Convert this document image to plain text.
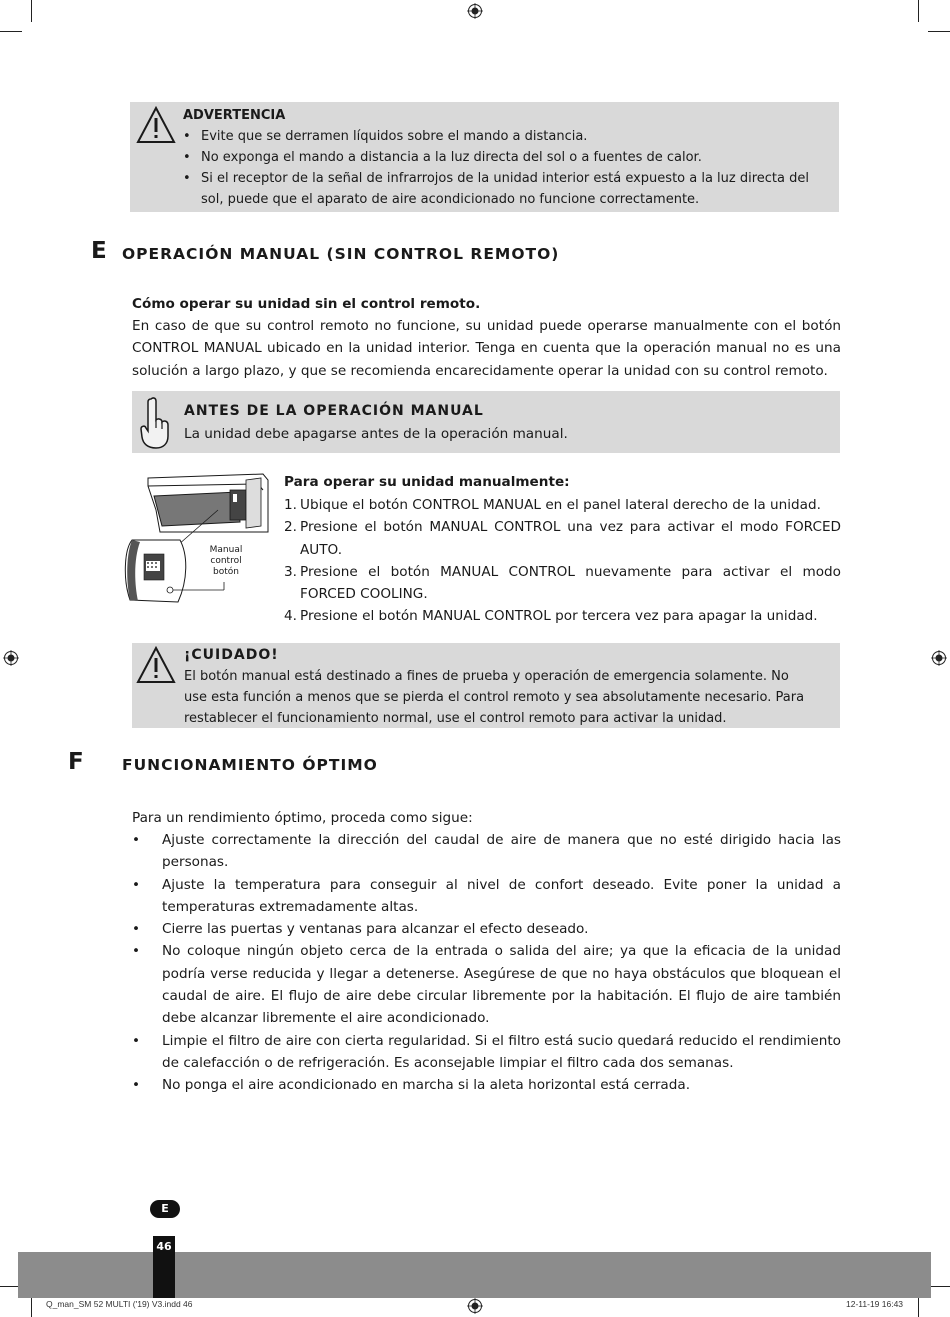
ADVERTENCIA
• Evite que se derramen líquidos sobre el mando a distancia.
• No exponga el mando a distancia a la luz directa del sol o a fuentes de calor.
• Si el receptor de la señal de infrarrojos de la unidad interior está expuesto a la luz directa del sol, puede que el aparato de aire acondicionado no funcione correctamente.
E OPERACIÓN MANUAL (SIN CONTROL REMOTO)
Cómo operar su unidad sin el control remoto.
En caso de que su control remoto no funcione, su unidad puede operarse manualmente con el botón CONTROL MANUAL ubicado en la unidad interior. Tenga en cuenta que la operación manual no es una solución a largo plazo, y que se recomienda encarecidamente operar la unidad con su control remoto.
ANTES DE LA OPERACIÓN MANUAL
La unidad debe apagarse antes de la operación manual.
Manual
control
botón
Para operar su unidad manualmente:
1. Ubique el botón CONTROL MANUAL en el panel lateral derecho de la unidad.
2. Presione el botón MANUAL CONTROL una vez para activar el modo FORCED AUTO.
3. Presione el botón MANUAL CONTROL nuevamente para activar el modo FORCED COOLING.
4. Presione el botón MANUAL CONTROL por tercera vez para apagar la unidad.
¡CUIDADO!
El botón manual está destinado a fines de prueba y operación de emergencia solamente. No use esta función a menos que se pierda el control remoto y sea absolutamente necesario. Para restablecer el funcionamiento normal, use el control remoto para activar la unidad.
F FUNCIONAMIENTO ÓPTIMO
Para un rendimiento óptimo, proceda como sigue:
• Ajuste correctamente la dirección del caudal de aire de manera que no esté dirigido hacia las personas.
• Ajuste la temperatura para conseguir al nivel de confort deseado. Evite poner la unidad a temperaturas extremadamente altas.
• Cierre las puertas y ventanas para alcanzar el efecto deseado.
• No coloque ningún objeto cerca de la entrada o salida del aire; ya que la eficacia de la unidad podría verse reducida y llegar a detenerse. Asegúrese de que no haya obstáculos que bloquean el caudal de aire. El flujo de aire debe circular libremente por la habitación. El flujo de aire también debe alcanzar libremente el aire acondicionado.
• Limpie el filtro de aire con cierta regularidad. Si el filtro está sucio quedará reducido el rendimiento de calefacción o de refrigeración. Es aconsejable limpiar el filtro cada dos semanas.
• No ponga el aire acondicionado en marcha si la aleta horizontal está cerrada.
E
46
Q_man_SM 52 MULTI ('19) V3.indd 46	12-11-19 16:43
